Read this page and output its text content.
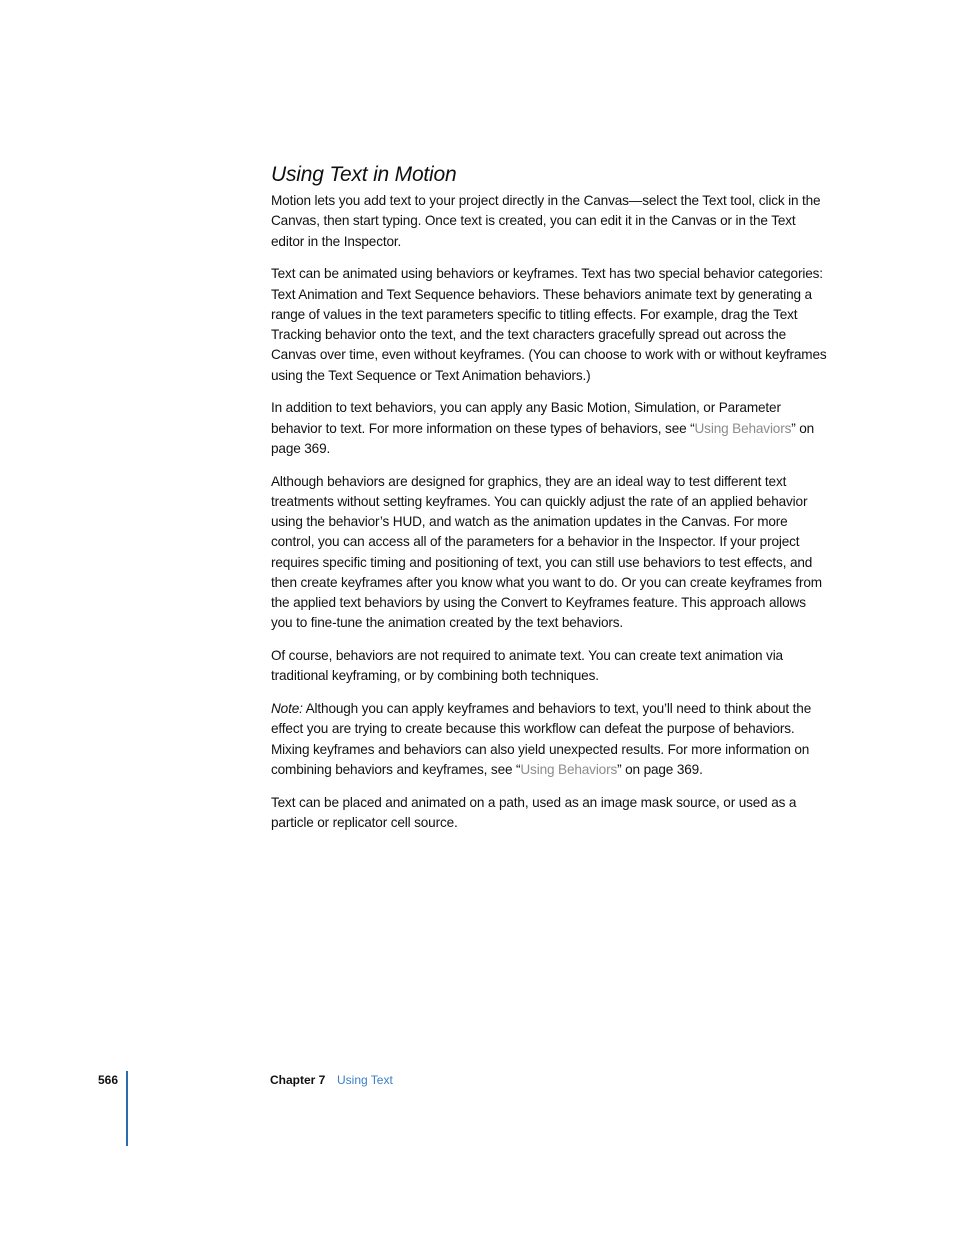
Using Text in Motion

Motion lets you add text to your project directly in the Canvas—select the Text tool, click in the Canvas, then start typing. Once text is created, you can edit it in the Canvas or in the Text editor in the Inspector.

Text can be animated using behaviors or keyframes. Text has two special behavior categories: Text Animation and Text Sequence behaviors. These behaviors animate text by generating a range of values in the text parameters specific to titling effects. For example, drag the Text Tracking behavior onto the text, and the text characters gracefully spread out across the Canvas over time, even without keyframes. (You can choose to work with or without keyframes using the Text Sequence or Text Animation behaviors.)

In addition to text behaviors, you can apply any Basic Motion, Simulation, or Parameter behavior to text. For more information on these types of behaviors, see “Using Behaviors” on page 369.

Although behaviors are designed for graphics, they are an ideal way to test different text treatments without setting keyframes. You can quickly adjust the rate of an applied behavior using the behavior’s HUD, and watch as the animation updates in the Canvas. For more control, you can access all of the parameters for a behavior in the Inspector. If your project requires specific timing and positioning of text, you can still use behaviors to test effects, and then create keyframes after you know what you want to do. Or you can create keyframes from the applied text behaviors by using the Convert to Keyframes feature. This approach allows you to fine-tune the animation created by the text behaviors.

Of course, behaviors are not required to animate text. You can create text animation via traditional keyframing, or by combining both techniques.

Note: Although you can apply keyframes and behaviors to text, you’ll need to think about the effect you are trying to create because this workflow can defeat the purpose of behaviors. Mixing keyframes and behaviors can also yield unexpected results. For more information on combining behaviors and keyframes, see “Using Behaviors” on page 369.

Text can be placed and animated on a path, used as an image mask source, or used as a particle or replicator cell source.

566	Chapter 7 Using Text
